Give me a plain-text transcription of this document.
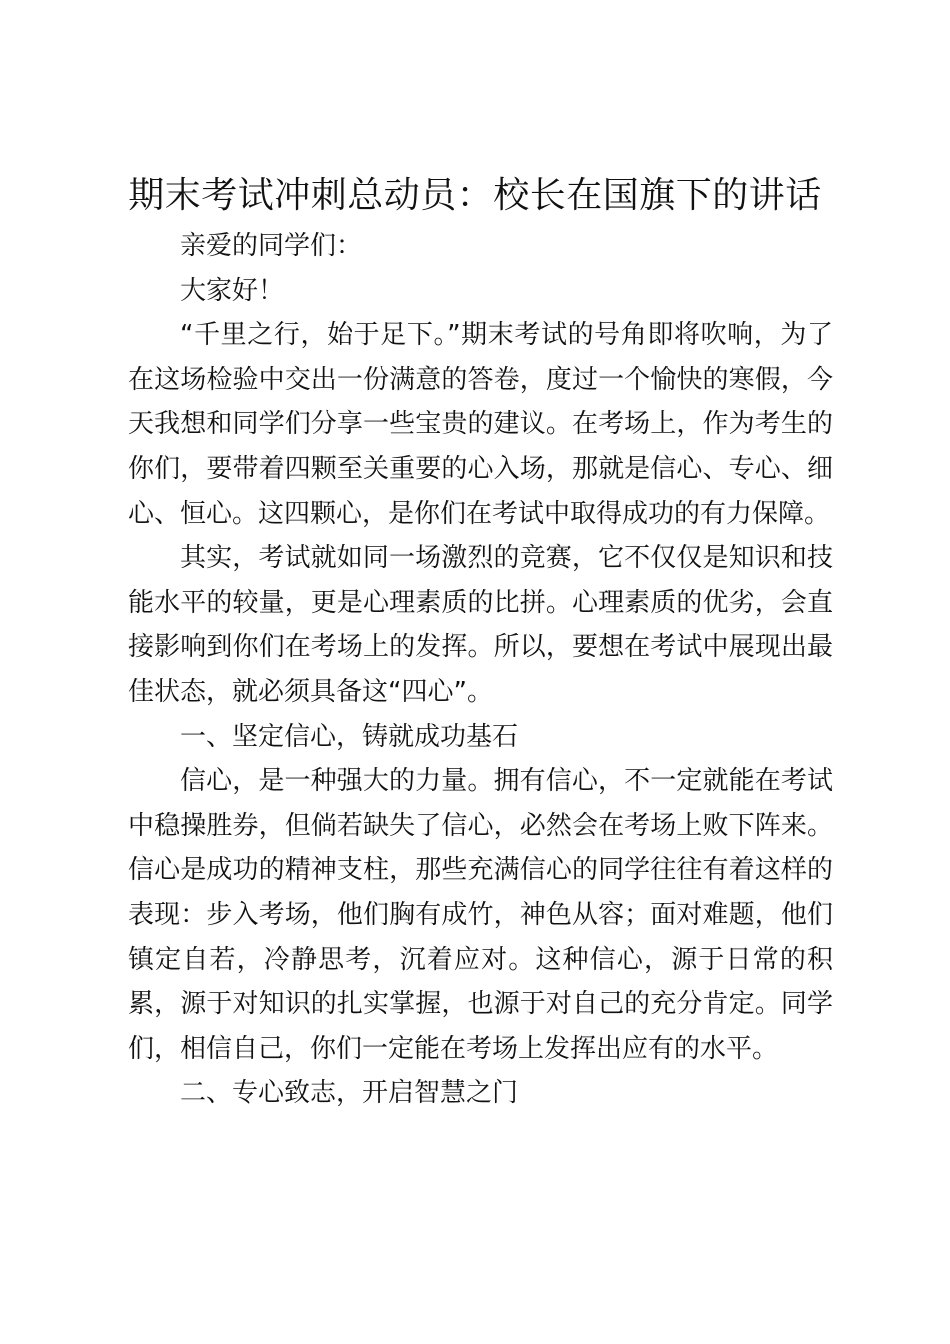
期末考试冲刺总动员：校长在国旗下的讲话

亲爱的同学们：

大家好！

“千里之行，始于足下。”期末考试的号角即将吹响，为了在这场检验中交出一份满意的答卷，度过一个愉快的寒假，今天我想和同学们分享一些宝贵的建议。在考场上，作为考生的你们，要带着四颗至关重要的心入场，那就是信心、专心、细心、恒心。这四颗心，是你们在考试中取得成功的有力保障。

其实，考试就如同一场激烈的竞赛，它不仅仅是知识和技能水平的较量，更是心理素质的比拼。心理素质的优劣，会直接影响到你们在考场上的发挥。所以，要想在考试中展现出最佳状态，就必须具备这“四心”。

一、坚定信心，铸就成功基石

信心，是一种强大的力量。拥有信心，不一定就能在考试中稳操胜券，但倘若缺失了信心，必然会在考场上败下阵来。信心是成功的精神支柱，那些充满信心的同学往往有着这样的表现：步入考场，他们胸有成竹，神色从容；面对难题，他们镇定自若，冷静思考，沉着应对。这种信心，源于日常的积累，源于对知识的扎实掌握，也源于对自己的充分肯定。同学们，相信自己，你们一定能在考场上发挥出应有的水平。

二、专心致志，开启智慧之门
